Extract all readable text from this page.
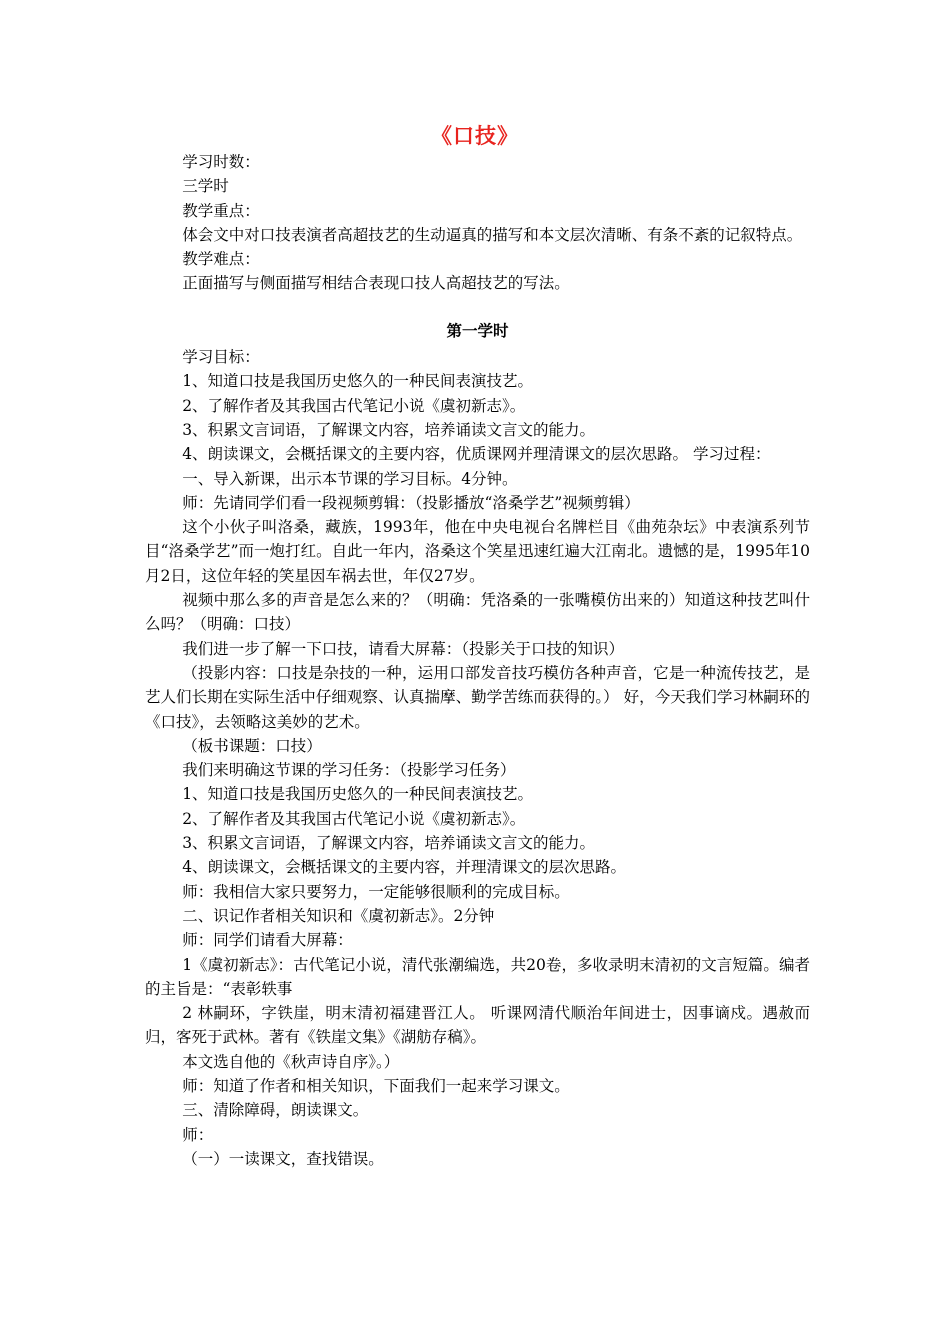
《口技》

学习时数：

三学时

教学重点：

体会文中对口技表演者高超技艺的生动逼真的描写和本文层次清晰、有条不紊的记叙特点。

教学难点：

正面描写与侧面描写相结合表现口技人高超技艺的写法。

第一学时

学习目标：

1、知道口技是我国历史悠久的一种民间表演技艺。

2、了解作者及其我国古代笔记小说《虞初新志》。

3、积累文言词语，了解课文内容，培养诵读文言文的能力。

4、朗读课文，会概括课文的主要内容，优质课网并理清课文的层次思路。 学习过程：

一、导入新课，出示本节课的学习目标。4分钟。

师：先请同学们看一段视频剪辑：（投影播放“洛桑学艺”视频剪辑）

这个小伙子叫洛桑，藏族，1993年，他在中央电视台名牌栏目《曲苑杂坛》中表演系列节目“洛桑学艺”而一炮打红。自此一年内，洛桑这个笑星迅速红遍大江南北。遗憾的是，1995年10月2日，这位年轻的笑星因车祸去世，年仅27岁。

视频中那么多的声音是怎么来的？（明确：凭洛桑的一张嘴模仿出来的）知道这种技艺叫什么吗？（明确：口技）

我们进一步了解一下口技，请看大屏幕：（投影关于口技的知识）

（投影内容：口技是杂技的一种，运用口部发音技巧模仿各种声音，它是一种流传技艺，是艺人们长期在实际生活中仔细观察、认真揣摩、勤学苦练而获得的。） 好，今天我们学习林嗣环的《口技》，去领略这美妙的艺术。

（板书课题：口技）

我们来明确这节课的学习任务：（投影学习任务）

1、知道口技是我国历史悠久的一种民间表演技艺。

2、了解作者及其我国古代笔记小说《虞初新志》。

3、积累文言词语，了解课文内容，培养诵读文言文的能力。

4、朗读课文，会概括课文的主要内容，并理清课文的层次思路。

师：我相信大家只要努力，一定能够很顺利的完成目标。

二、识记作者相关知识和《虞初新志》。2分钟

师：同学们请看大屏幕：

1《虞初新志》：古代笔记小说，清代张潮编选，共20卷，多收录明末清初的文言短篇。编者的主旨是：“表彰轶事

2 林嗣环，字铁崖，明末清初福建晋江人。 听课网清代顺治年间进士，因事谪戍。遇赦而归，客死于武林。著有《铁崖文集》《湖舫存稿》。

本文选自他的《秋声诗自序》。）

师：知道了作者和相关知识，下面我们一起来学习课文。

三、清除障碍，朗读课文。

师：

（一）一读课文，查找错误。
